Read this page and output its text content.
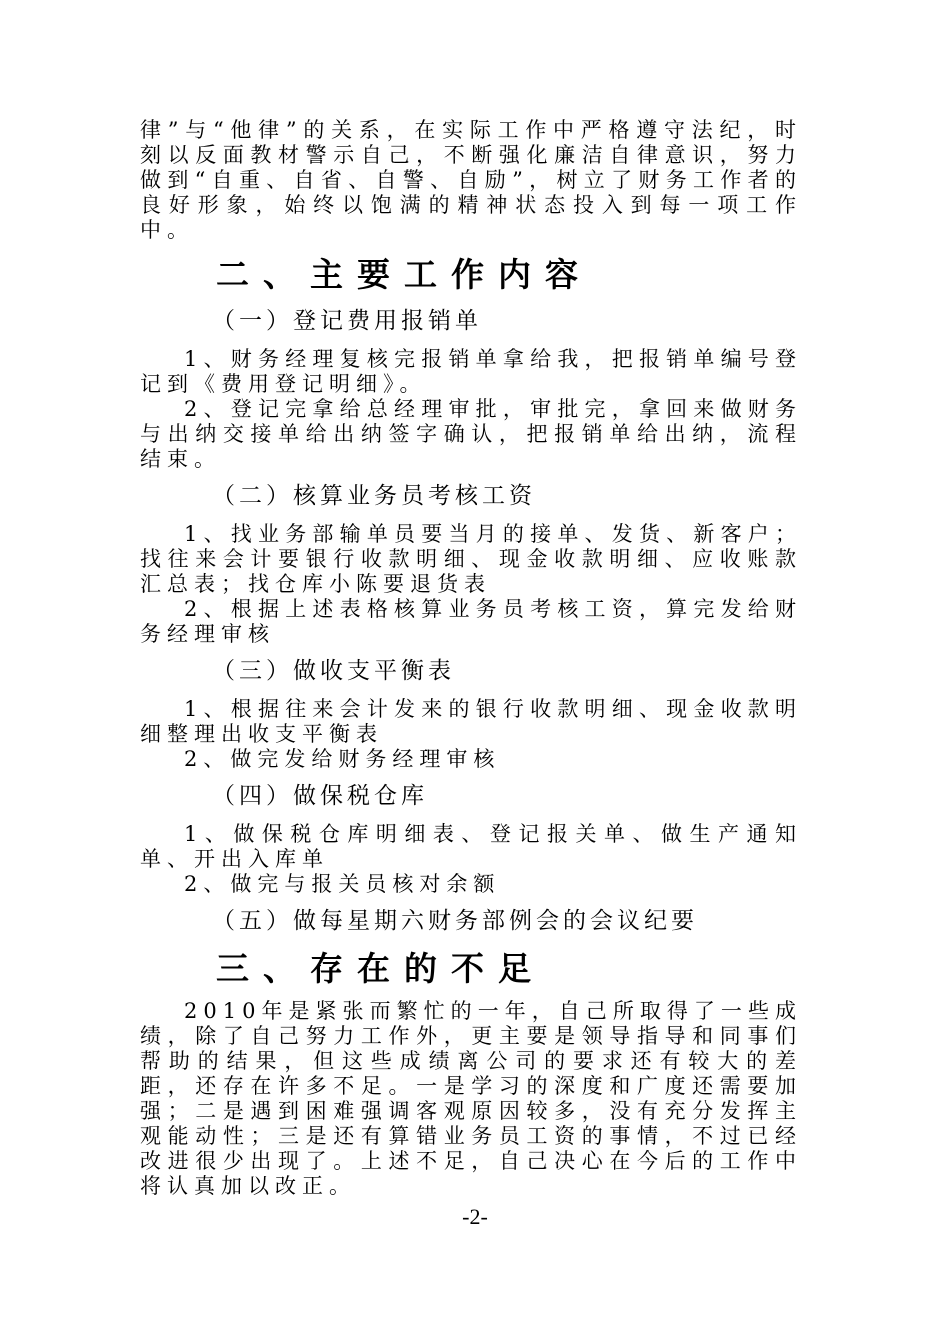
律”与“他律”的关系，在实际工作中严格遵守法纪，时刻以反面教材警示自己，不断强化廉洁自律意识，努力做到“自重、自省、自警、自励”，树立了财务工作者的良好形象，始终以饱满的精神状态投入到每一项工作中。

二、主要工作内容
（一）登记费用报销单

1、财务经理复核完报销单拿给我，把报销单编号登记到《费用登记明细》。

2、登记完拿给总经理审批，审批完，拿回来做财务与出纳交接单给出纳签字确认，把报销单给出纳，流程结束。

（二）核算业务员考核工资

1、找业务部输单员要当月的接单、发货、新客户；找往来会计要银行收款明细、现金收款明细、应收账款汇总表；找仓库小陈要退货表

2、根据上述表格核算业务员考核工资，算完发给财务经理审核

（三）做收支平衡表

1、根据往来会计发来的银行收款明细、现金收款明细整理出收支平衡表

2、做完发给财务经理审核

（四）做保税仓库

1、做保税仓库明细表、登记报关单、做生产通知单、开出入库单

2、做完与报关员核对余额

（五）做每星期六财务部例会的会议纪要
三、存在的不足

2010年是紧张而繁忙的一年，自己所取得了一些成绩，除了自己努力工作外，更主要是领导指导和同事们帮助的结果，但这些成绩离公司的要求还有较大的差距，还存在许多不足。一是学习的深度和广度还需要加强；二是遇到困难强调客观原因较多，没有充分发挥主观能动性；三是还有算错业务员工资的事情，不过已经改进很少出现了。上述不足，自己决心在今后的工作中将认真加以改正。

-2-
